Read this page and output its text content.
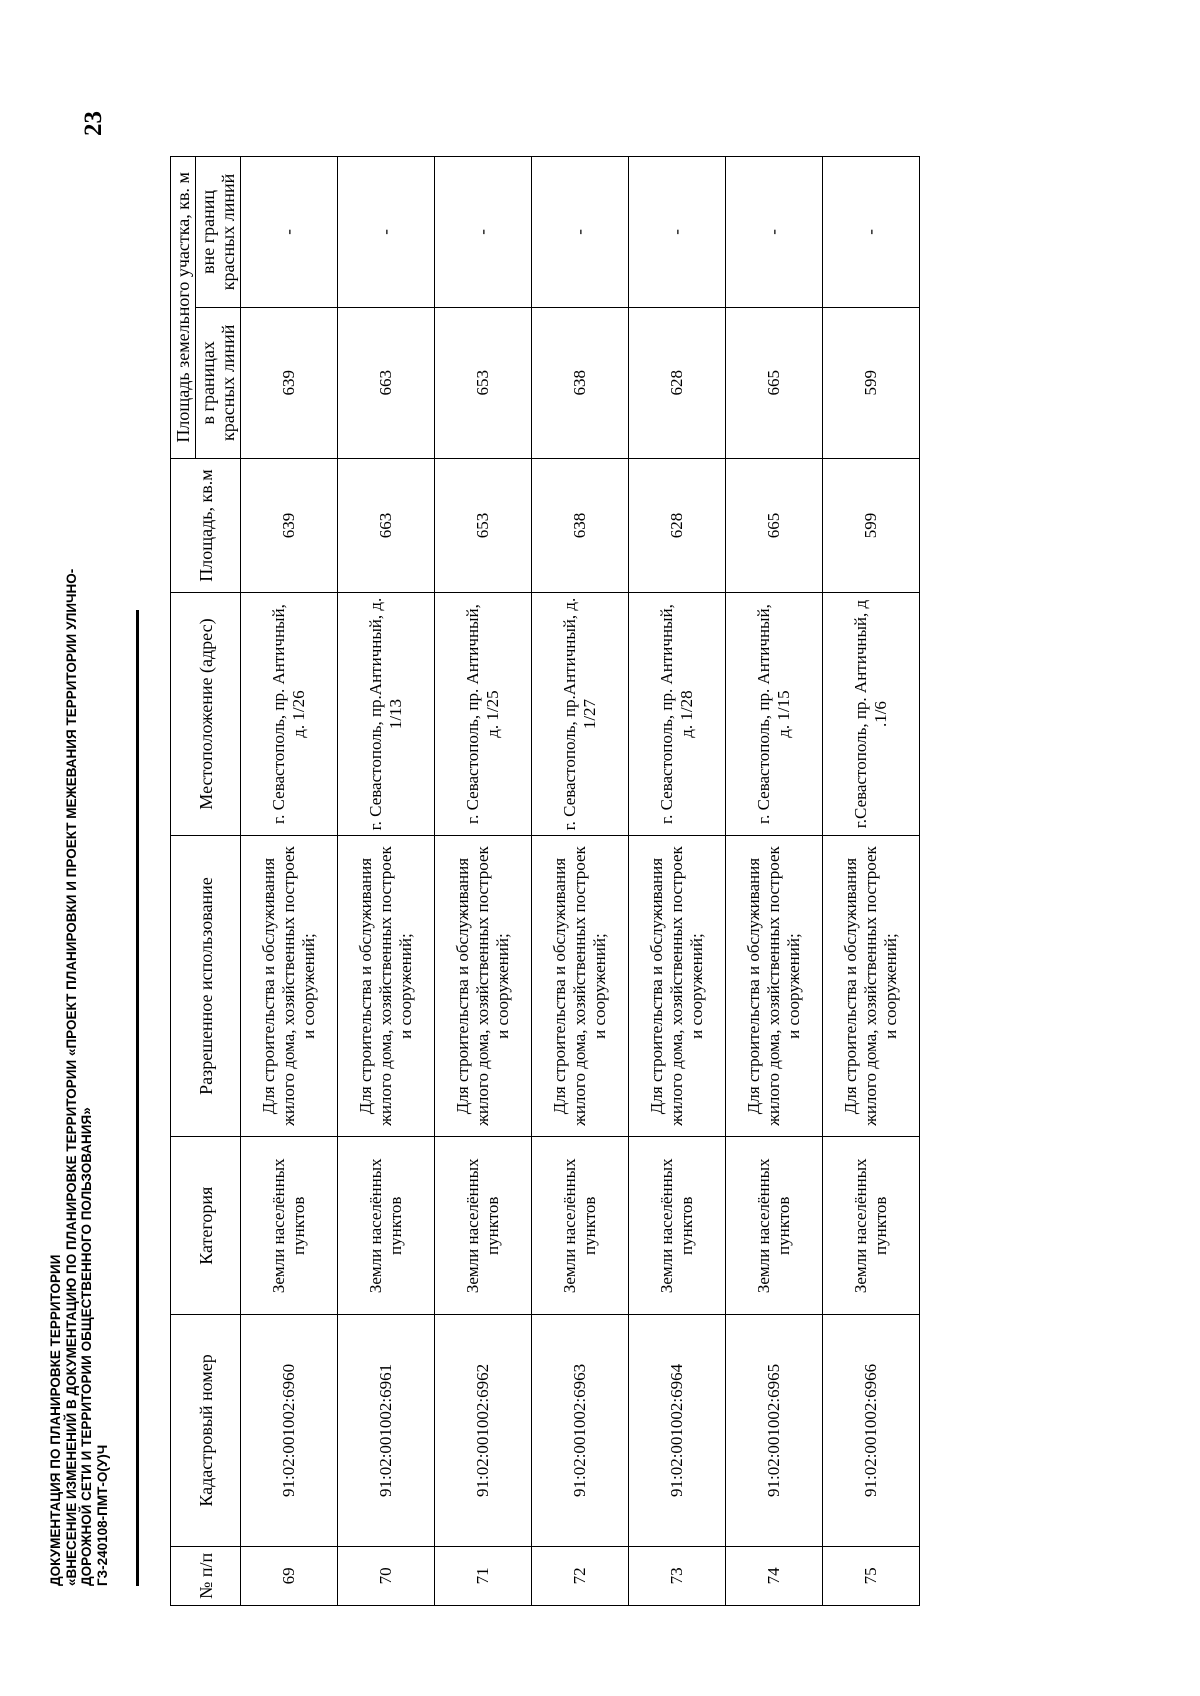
23
ДОКУМЕНТАЦИЯ ПО ПЛАНИРОВКЕ ТЕРРИТОРИИ «ВНЕСЕНИЕ ИЗМЕНЕНИЙ В ДОКУМЕНТАЦИЮ ПО ПЛАНИРОВКЕ ТЕРРИТОРИИ «ПРОЕКТ ПЛАНИРОВКИ И ПРОЕКТ МЕЖЕВАНИЯ ТЕРРИТОРИИ УЛИЧНО- ДОРОЖНОЙ СЕТИ И ТЕРРИТОРИИ ОБЩЕСТВЕННОГО ПОЛЬЗОВАНИЯ» ГЗ-240108-ПМТ-О(У)Ч	№ п/п	Кадастровый номер	Категория	Разрешенное использование	Местоположение (адрес)	Площадь, кв.м	Площадь земельного участка, кв. м	
						в границах красных линий	вне границ красных линий
69	91:02:001002:6960	Земли населённых пунктов	Для строительства и обслуживания жилого дома, хозяйственных построек и сооружений;	г. Севастополь, пр. Античный, д. 1/26	639	639	-
70	91:02:001002:6961	Земли населённых пунктов	Для строительства и обслуживания жилого дома, хозяйственных построек и сооружений;	г. Севастополь, пр.Античный, д. 1/13	663	663	-
71	91:02:001002:6962	Земли населённых пунктов	Для строительства и обслуживания жилого дома, хозяйственных построек и сооружений;	г. Севастополь, пр. Античный, д. 1/25	653	653	-
72	91:02:001002:6963	Земли населённых пунктов	Для строительства и обслуживания жилого дома, хозяйственных построек и сооружений;	г. Севастополь, пр.Античный, д. 1/27	638	638	-
73	91:02:001002:6964	Земли населённых пунктов	Для строительства и обслуживания жилого дома, хозяйственных построек и сооружений;	г. Севастополь, пр. Античный, д. 1/28	628	628	-
74	91:02:001002:6965	Земли населённых пунктов	Для строительства и обслуживания жилого дома, хозяйственных построек и сооружений;	г. Севастополь, пр. Античный, д. 1/15	665	665	-
75	91:02:001002:6966	Земли населённых пунктов	Для строительства и обслуживания жилого дома, хозяйственных построек и сооружений;	г.Севастополь, пр. Античный, д .1/6	599	599	-
